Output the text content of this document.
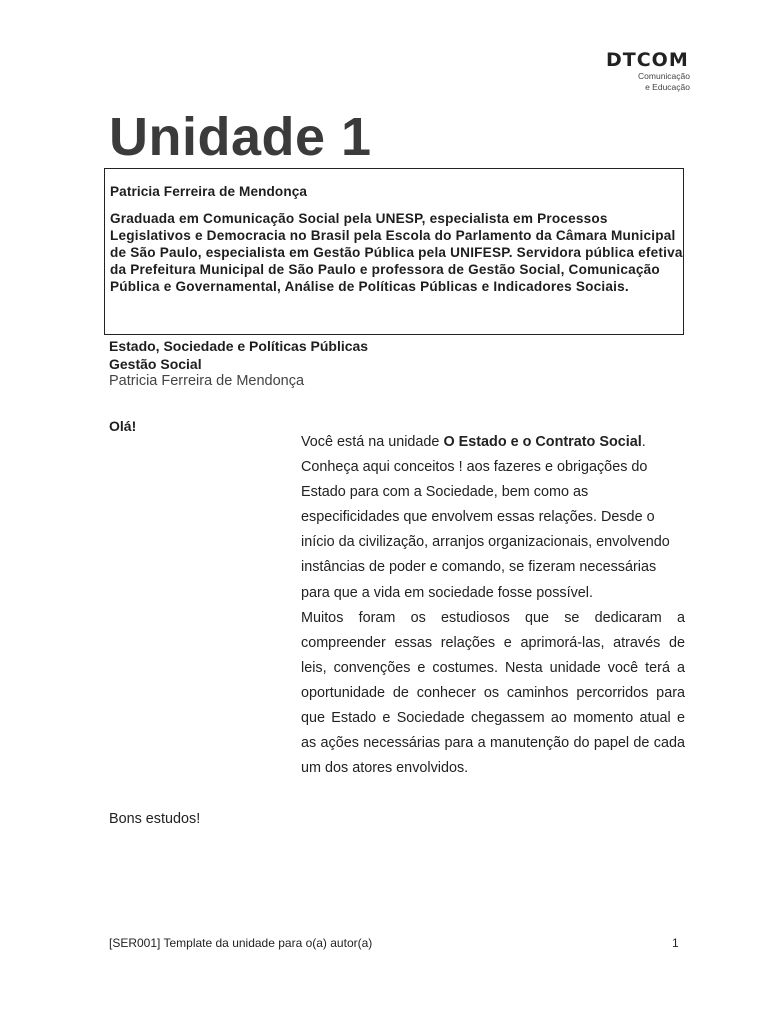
DTCOM
Comunicação
e Educação
Unidade 1

Patricia Ferreira de Mendonça

Graduada em Comunicação Social pela UNESP, especialista em Processos Legislativos e Democracia no Brasil pela Escola do Parlamento da Câmara Municipal de São Paulo, especialista em Gestão Pública pela UNIFESP. Servidora pública efetiva da Prefeitura Municipal de São Paulo e professora de Gestão Social, Comunicação Pública e Governamental, Análise de Políticas Públicas e Indicadores Sociais.

Estado, Sociedade e Políticas Públicas
Gestão Social
Patricia Ferreira de Mendonça
Olá!

Você está na unidade O Estado e o Contrato Social. Conheça aqui conceitos ! aos fazeres e obrigações do Estado para com a Sociedade, bem como as especificidades que envolvem essas relações. Desde o início da civilização, arranjos organizacionais, envolvendo instâncias de poder e comando, se fizeram necessárias para que a vida em sociedade fosse possível.

Muitos foram os estudiosos que se dedicaram a compreender essas relações e aprimorá-las, através de leis, convenções e costumes. Nesta unidade você terá a oportunidade de conhecer os caminhos percorridos para que Estado e Sociedade chegassem ao momento atual e as ações necessárias para a manutenção do papel de cada um dos atores envolvidos.

Bons estudos!
[SER001] Template da unidade para o(a) autor(a)	1
